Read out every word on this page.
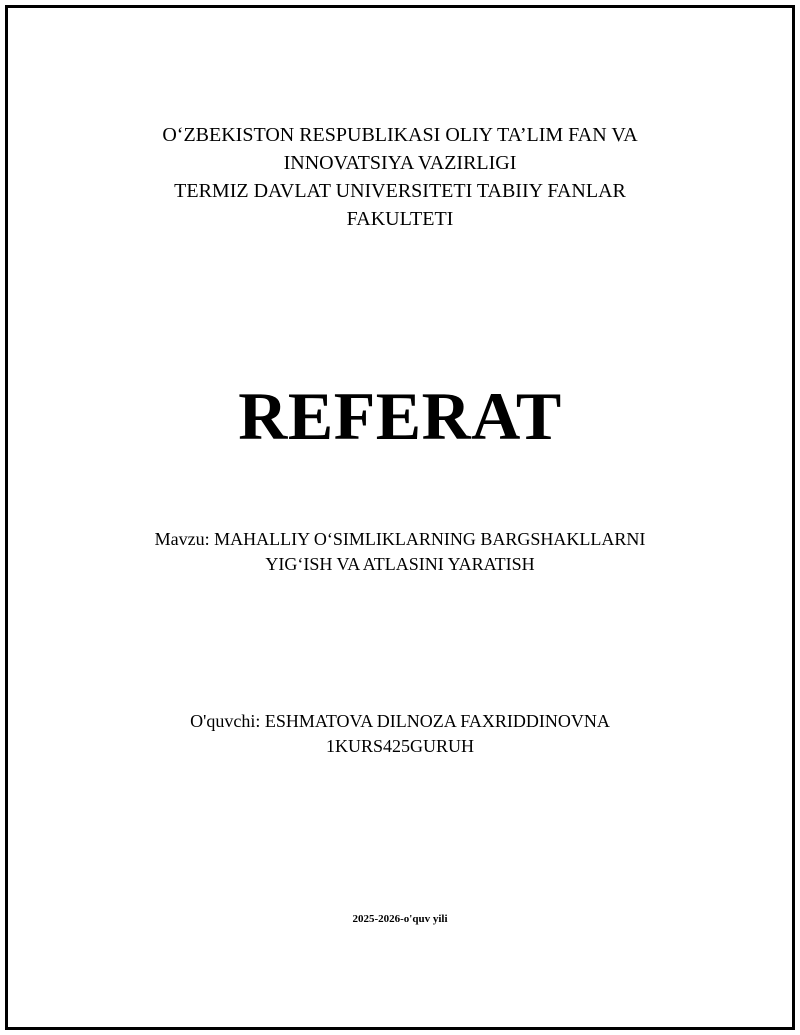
O‘ZBEKISTON RESPUBLIKASI OLIY TA’LIM FAN VA
INNOVATSIYA VAZIRLIGI
TERMIZ DAVLAT UNIVERSITETI TABIIY FANLAR
FAKULTETI
REFERAT
Mavzu: MAHALLIY O‘SIMLIKLARNING BARGSHAKLLARNI
YIG‘ISH VA ATLASINI YARATISH
O'quvchi: ESHMATOVA DILNOZA FAXRIDDINOVNA
1KURS425GURUH
2025-2026-o'quv yili
